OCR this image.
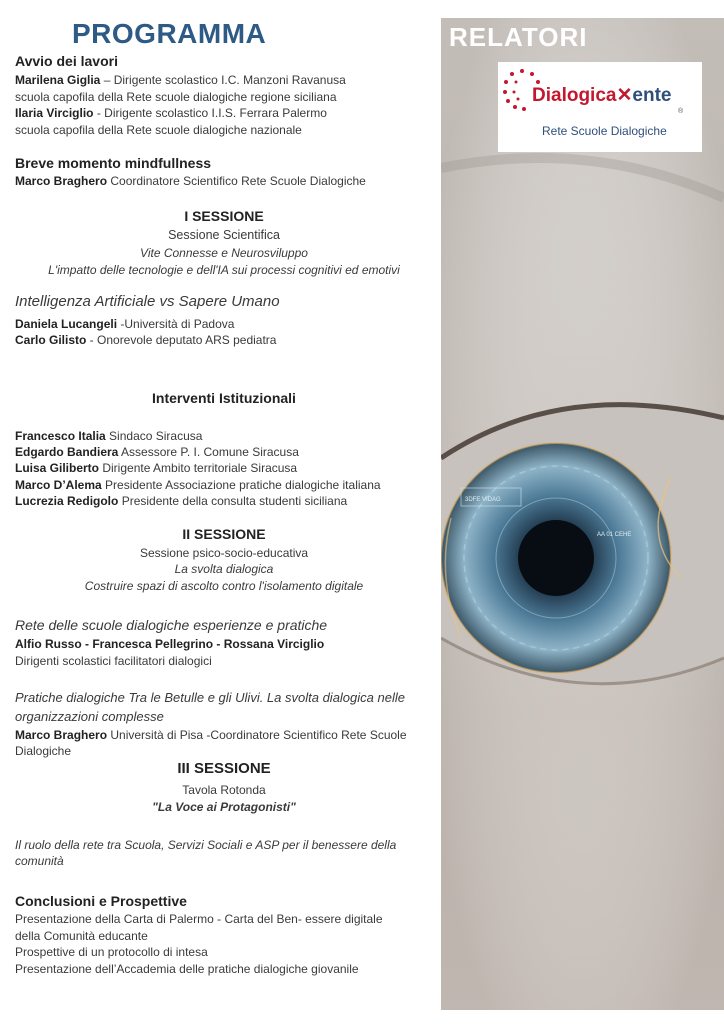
PROGRAMMA
Avvio dei lavori
Marilena Giglia – Dirigente scolastico I.C. Manzoni Ravanusa
scuola capofila della Rete scuole dialogiche regione siciliana
Ilaria Virciglio - Dirigente scolastico I.I.S. Ferrara Palermo
scuola capofila della Rete scuole dialogiche nazionale
Breve momento mindfullness
Marco Braghero Coordinatore Scientifico Rete Scuole Dialogiche
I SESSIONE
Sessione Scientifica
Vite Connesse e Neurosviluppo
L'impatto delle tecnologie e dell'IA sui processi cognitivi ed emotivi
Intelligenza Artificiale vs Sapere Umano
Daniela Lucangeli -Università di Padova
Carlo Gilisto - Onorevole deputato ARS pediatra
Interventi Istituzionali
Francesco Italia Sindaco Siracusa
Edgardo Bandiera Assessore P. I. Comune Siracusa
Luisa Giliberto Dirigente Ambito territoriale Siracusa
Marco D’Alema Presidente Associazione pratiche dialogiche italiana
Lucrezia Redigolo Presidente della consulta studenti siciliana
II SESSIONE
Sessione psico-socio-educativa
La svolta dialogica
Costruire spazi di ascolto contro l'isolamento digitale
Rete delle scuole dialogiche esperienze e pratiche
Alfio Russo - Francesca Pellegrino - Rossana Virciglio
Dirigenti scolastici facilitatori dialogici
Pratiche dialogiche Tra le Betulle e gli Ulivi. La svolta dialogica nelle
organizzazioni complesse
Marco Braghero Università di Pisa -Coordinatore Scientifico Rete Scuole
Dialogiche
III SESSIONE
Tavola Rotonda
"La Voce ai Protagonisti"
Il ruolo della rete tra Scuola, Servizi Sociali e ASP per il benessere della
comunità
Conclusioni e Prospettive
Presentazione della Carta di Palermo - Carta del Ben- essere digitale
della Comunità educante
Prospettive di un protocollo di intesa
Presentazione dell’Accademia delle pratiche dialogiche giovanile
3DFE VIDAG
AA 01 CEHE
RELATORI
Dialogica✕ente
®
Rete Scuole Dialogiche
